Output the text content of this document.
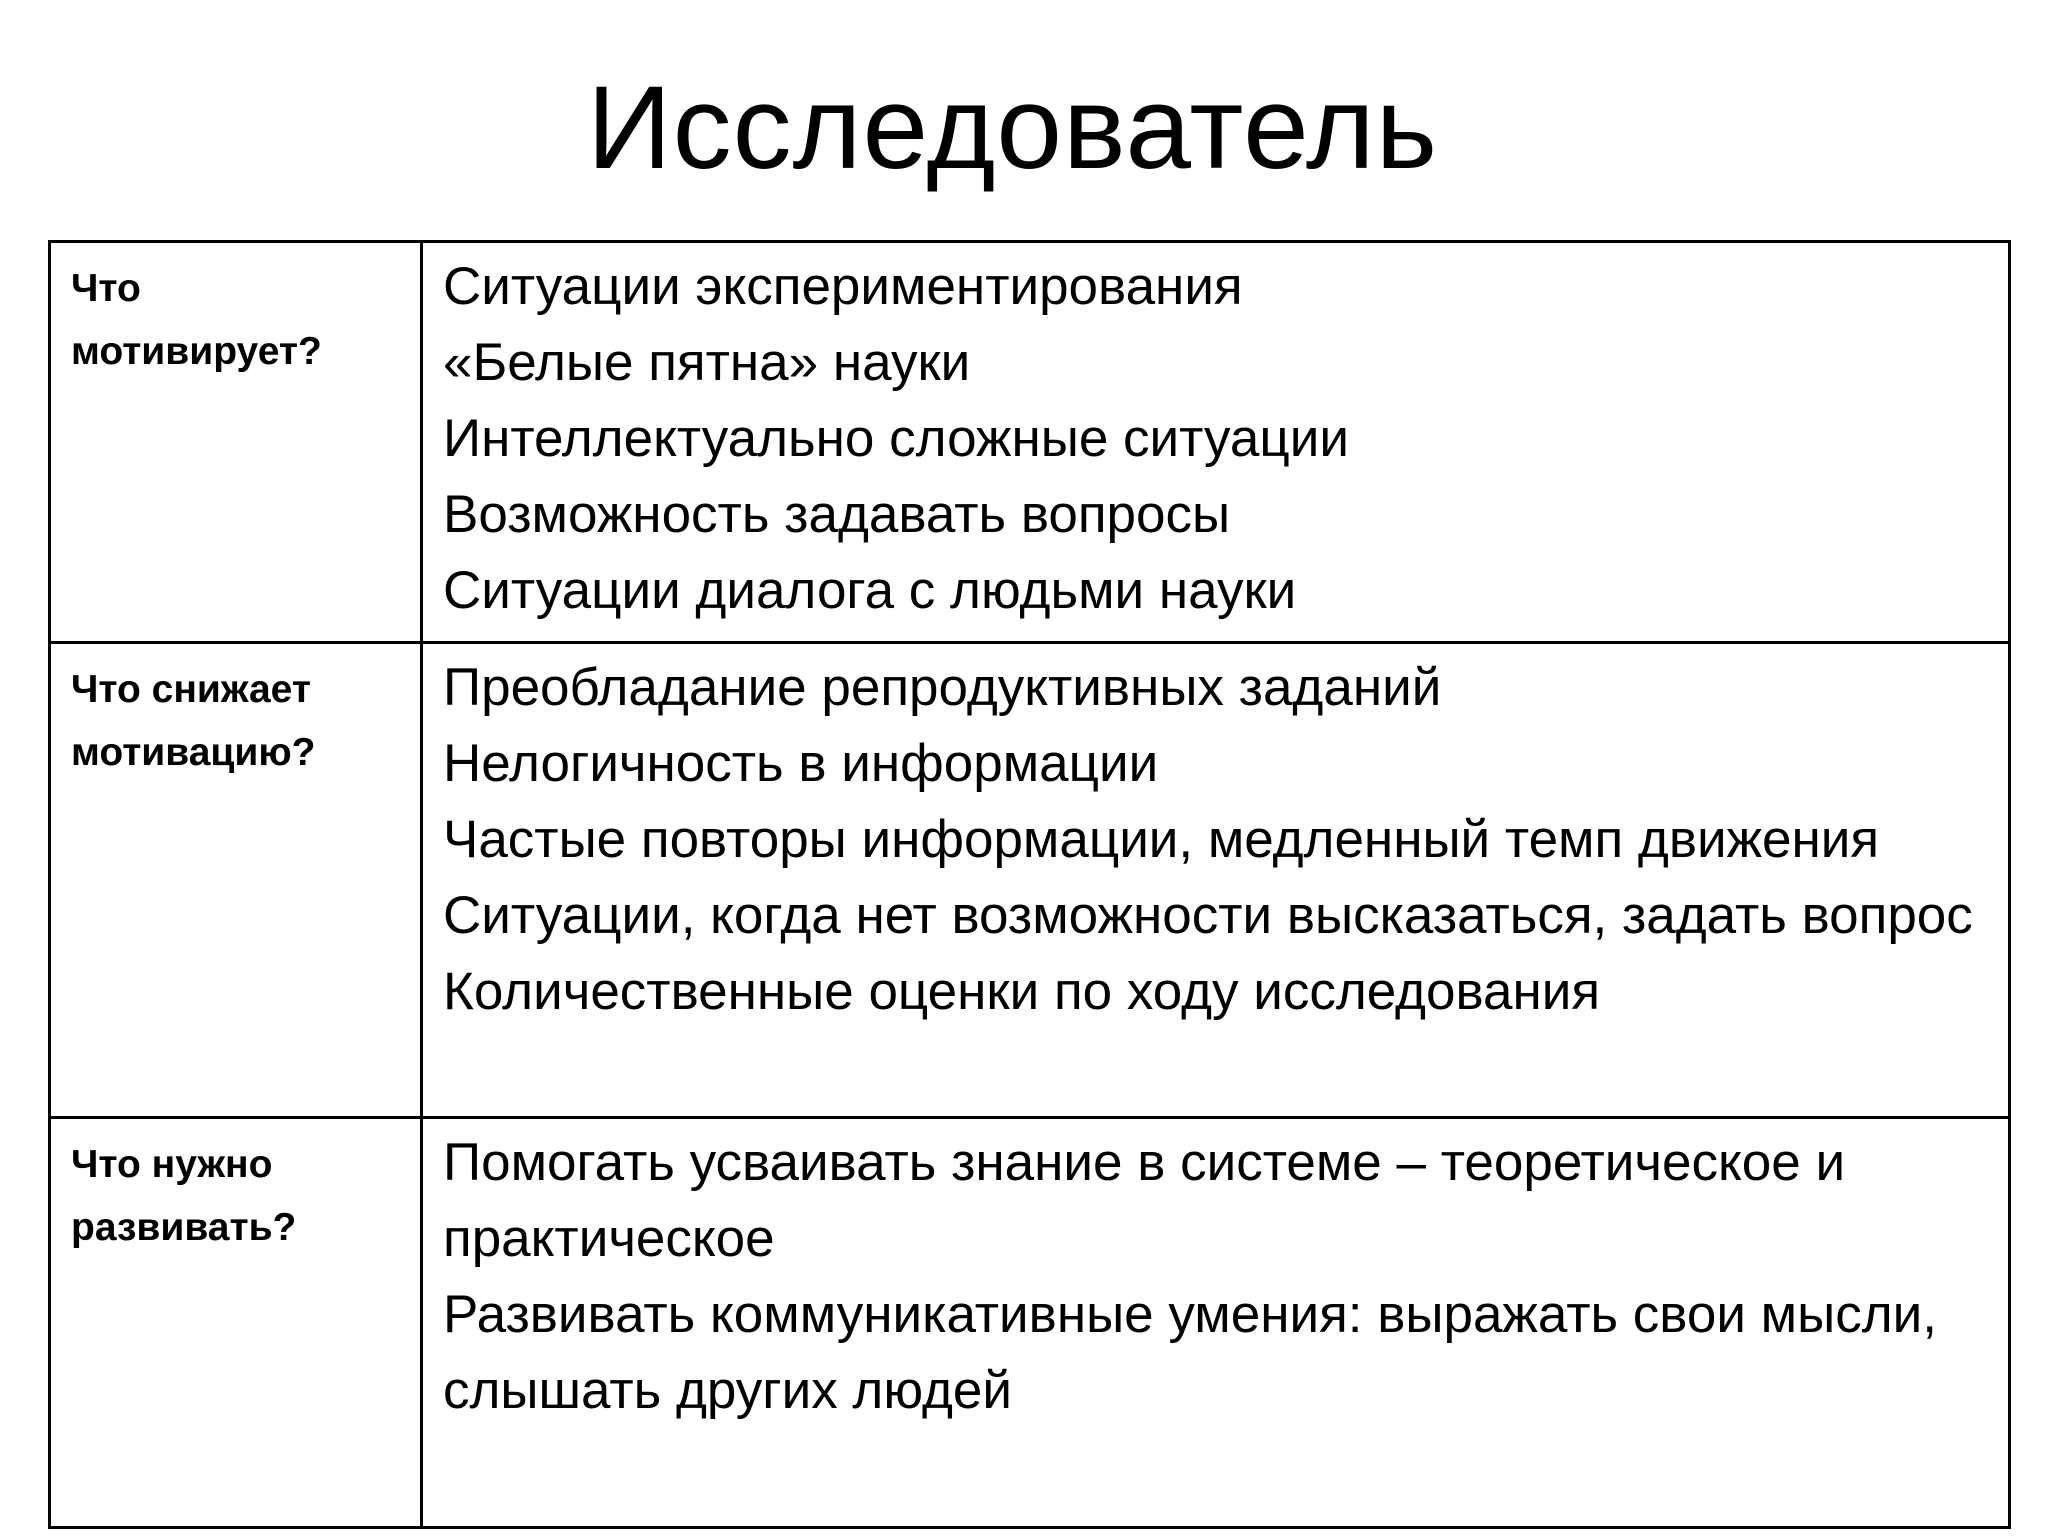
Исследователь
Что
мотивирует?	Ситуации экспериментирования
«Белые пятна» науки
Интеллектуально сложные ситуации
Возможность задавать вопросы
Ситуации диалога с людьми науки

Что снижает
мотивацию?	Преобладание репродуктивных заданий
Нелогичность в информации
Частые повторы информации, медленный темп движения
Ситуации, когда нет возможности высказаться, задать вопрос
Количественные оценки по ходу исследования

Что нужно
развивать?	Помогать усваивать знание в системе – теоретическое и практическое
Развивать коммуникативные умения: выражать свои мысли, слышать других людей
